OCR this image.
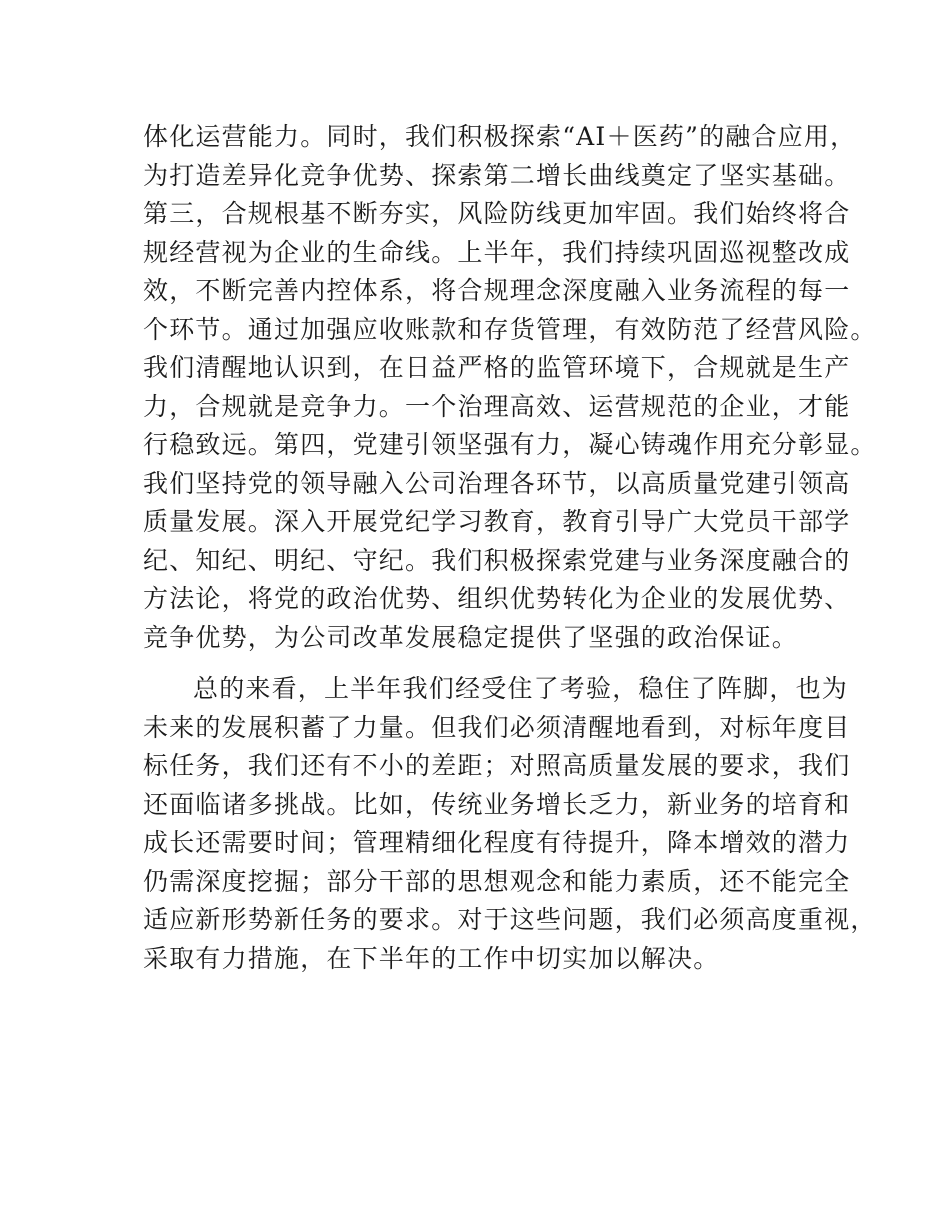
体化运营能力。同时，我们积极探索“AI＋医药”的融合应用，
为打造差异化竞争优势、探索第二增长曲线奠定了坚实基础。
第三，合规根基不断夯实，风险防线更加牢固。我们始终将合
规经营视为企业的生命线。上半年，我们持续巩固巡视整改成
效，不断完善内控体系，将合规理念深度融入业务流程的每一
个环节。通过加强应收账款和存货管理，有效防范了经营风险。
我们清醒地认识到，在日益严格的监管环境下，合规就是生产
力，合规就是竞争力。一个治理高效、运营规范的企业，才能
行稳致远。第四，党建引领坚强有力，凝心铸魂作用充分彰显。
我们坚持党的领导融入公司治理各环节，以高质量党建引领高
质量发展。深入开展党纪学习教育，教育引导广大党员干部学
纪、知纪、明纪、守纪。我们积极探索党建与业务深度融合的
方法论，将党的政治优势、组织优势转化为企业的发展优势、
竞争优势，为公司改革发展稳定提供了坚强的政治保证。
总的来看，上半年我们经受住了考验，稳住了阵脚，也为
未来的发展积蓄了力量。但我们必须清醒地看到，对标年度目
标任务，我们还有不小的差距；对照高质量发展的要求，我们
还面临诸多挑战。比如，传统业务增长乏力，新业务的培育和
成长还需要时间；管理精细化程度有待提升，降本增效的潜力
仍需深度挖掘；部分干部的思想观念和能力素质，还不能完全
适应新形势新任务的要求。对于这些问题，我们必须高度重视，
采取有力措施，在下半年的工作中切实加以解决。
